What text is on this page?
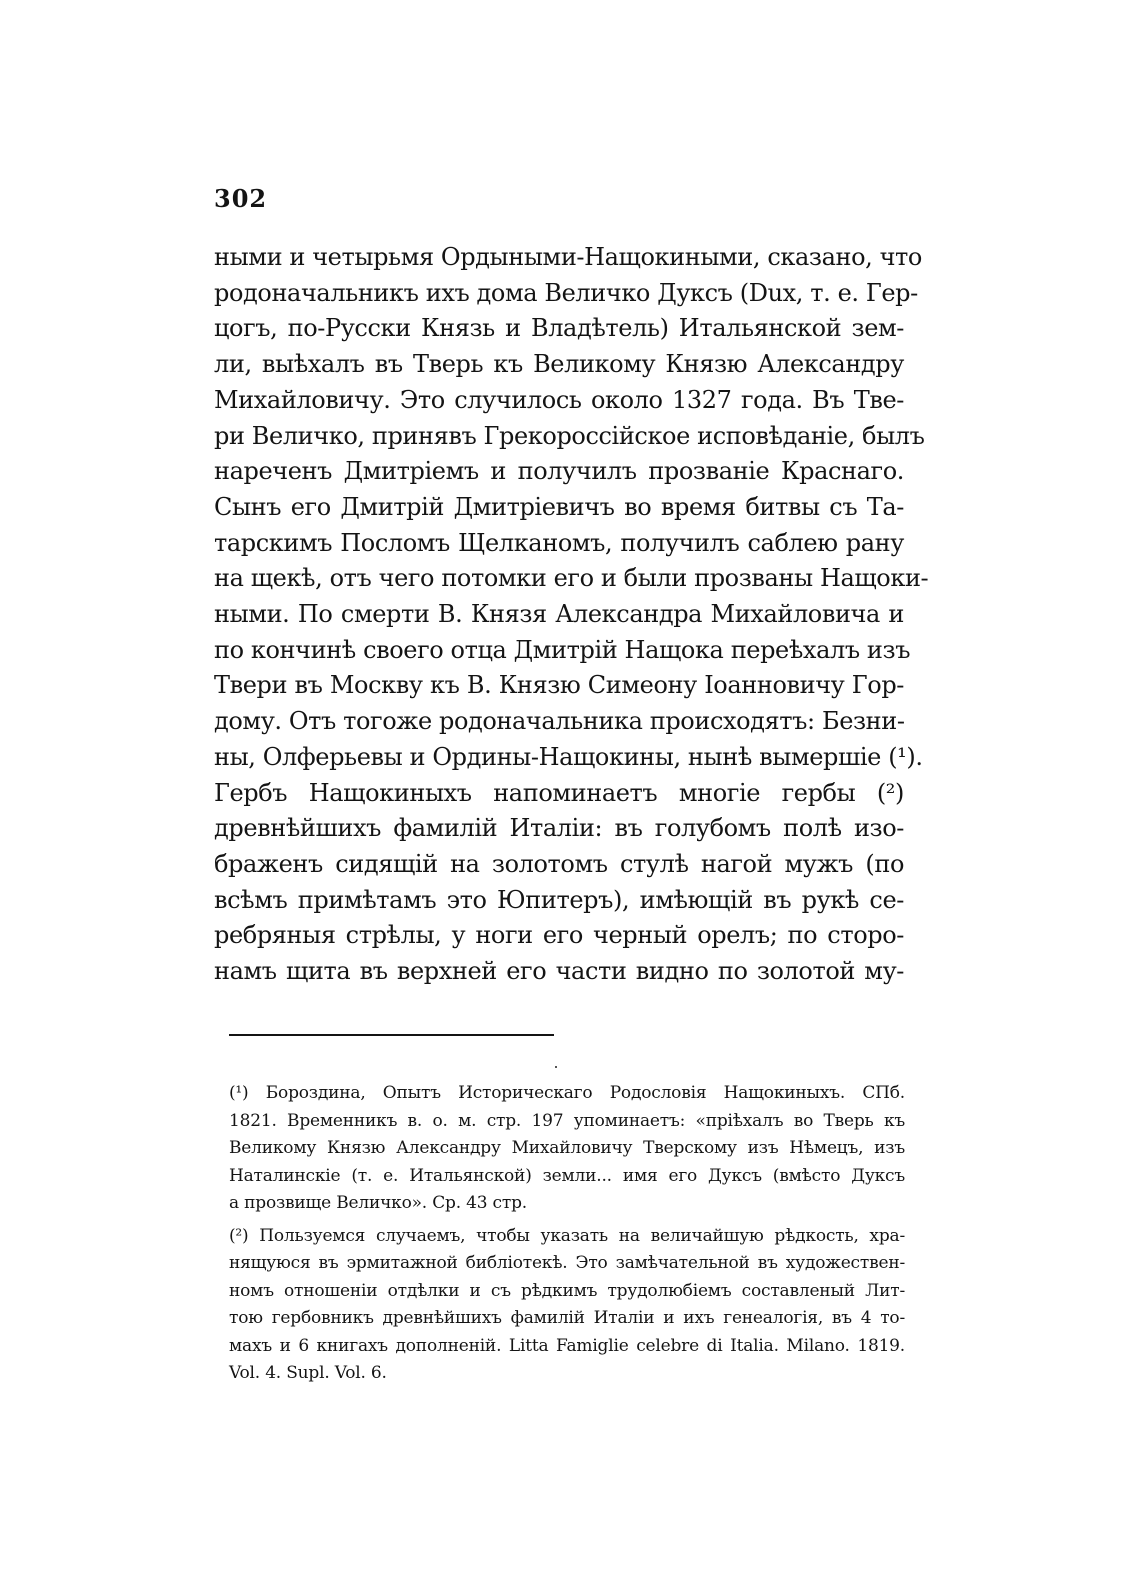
302
ными и четырьмя Ордыными-Нащокиными, сказано, что
родоначальникъ ихъ дома Величко Дуксъ (Dux, т. е. Гер-
цогъ, по-Русски Князь и Владѣтель) Итальянской зем-
ли, выѣхалъ въ Тверь къ Великому Князю Александру
Михайловичу. Это случилось около 1327 года. Въ Тве-
ри Величко, принявъ Грекороссійское исповѣданіе, былъ
нареченъ Дмитріемъ и получилъ прозваніе Краснаго.
Сынъ его Дмитрій Дмитріевичъ во время битвы съ Та-
тарскимъ Посломъ Щелканомъ, получилъ саблею рану
на щекѣ, отъ чего потомки его и были прозваны Нащоки-
ными. По смерти В. Князя Александра Михайловича и
по кончинѣ своего отца Дмитрій Нащока переѣхалъ изъ
Твери въ Москву къ В. Князю Симеону Іоанновичу Гор-
дому. Отъ тогоже родоначальника происходятъ: Безни-
ны, Олферьевы и Ордины-Нащокины, нынѣ вымершіе (¹).
Гербъ Нащокиныхъ напоминаетъ многіе гербы (²)
древнѣйшихъ фамилій Италіи: въ голубомъ полѣ изо-
браженъ сидящій на золотомъ стулѣ нагой мужъ (по
всѣмъ примѣтамъ это Юпитеръ), имѣющій въ рукѣ се-
ребряныя стрѣлы, у ноги его черный орелъ; по сторо-
намъ щита въ верхней его части видно по золотой му-
(¹) Бороздина, Опытъ Историческаго Родословія Нащокиныхъ. СПб.
1821. Временникъ в. о. м. стр. 197 упоминаетъ: «пріѣхалъ во Тверь къ
Великому Князю Александру Михайловичу Тверскому изъ Нѣмецъ, изъ
Наталинскіе (т. е. Итальянской) земли... имя его Дуксъ (вмѣсто Дуксъ
а прозвище Величко». Ср. 43 стр.
(²) Пользуемся случаемъ, чтобы указать на величайшую рѣдкость, хра-
нящуюся въ эрмитажной библіотекѣ. Это замѣчательной въ художествен-
номъ отношеніи отдѣлки и съ рѣдкимъ трудолюбіемъ составленый Лит-
тою гербовникъ древнѣйшихъ фамилій Италіи и ихъ генеалогія, въ 4 то-
махъ и 6 книгахъ дополненій. Litta Famiglie celebre di Italia. Milano. 1819.
Vol. 4. Supl. Vol. 6.
